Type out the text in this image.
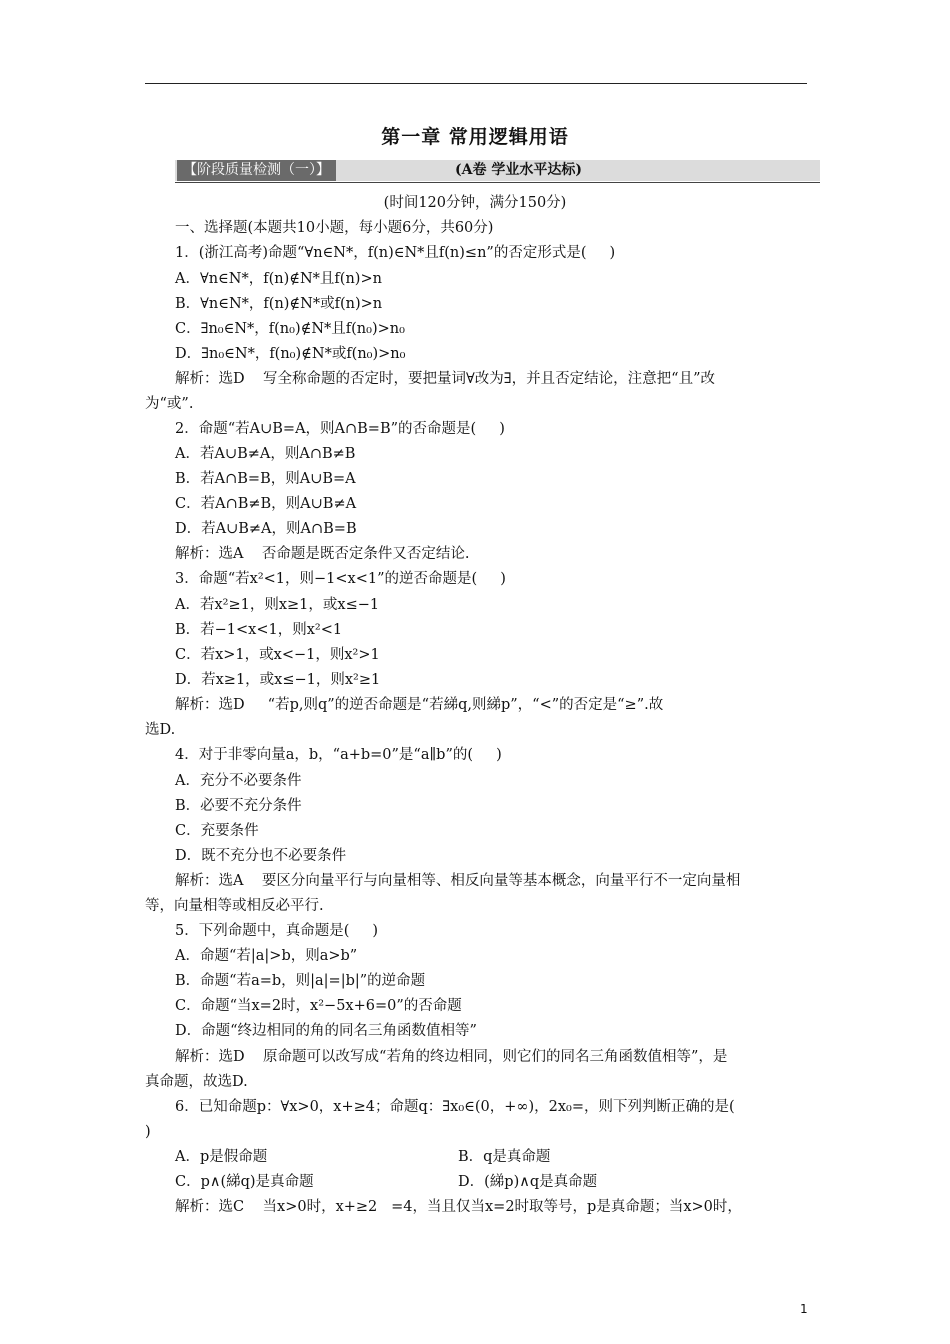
第一章 常用逻辑用语
【阶段质量检测（一）】	(A卷 学业水平达标)
(时间120分钟，满分150分)
一、选择题(本题共10小题，每小题6分，共60分)
1．(浙江高考)命题“∀n∈N*，f(n)∈N*且f(n)≤n”的否定形式是(     )
A．∀n∈N*，f(n)∉N*且f(n)>n
B．∀n∈N*，f(n)∉N*或f(n)>n
C．∃n₀∈N*，f(n₀)∉N*且f(n₀)>n₀
D．∃n₀∈N*，f(n₀)∉N*或f(n₀)>n₀
解析：选D    写全称命题的否定时，要把量词∀改为∃，并且否定结论，注意把“且”改
为“或”.
2．命题“若A∪B=A，则A∩B=B”的否命题是(     )
A．若A∪B≠A，则A∩B≠B
B．若A∩B=B，则A∪B=A
C．若A∩B≠B，则A∪B≠A
D．若A∪B≠A，则A∩B=B
解析：选A    否命题是既否定条件又否定结论.
3．命题“若x²<1，则−1<x<1”的逆否命题是(     )
A．若x²≥1，则x≥1，或x≤−1
B．若−1<x<1，则x²<1
C．若x>1，或x<−1，则x²>1
D．若x≥1，或x≤−1，则x²≥1
解析：选D     “若p,则q”的逆否命题是“若綈q,则綈p”，“<”的否定是“≥”.故
选D.
4．对于非零向量a，b，“a+b=0”是“a∥b”的(     )
A．充分不必要条件
B．必要不充分条件
C．充要条件
D．既不充分也不必要条件
解析：选A    要区分向量平行与向量相等、相反向量等基本概念，向量平行不一定向量相
等，向量相等或相反必平行.
5．下列命题中，真命题是(     )
A．命题“若|a|>b，则a>b”
B．命题“若a=b，则|a|=|b|”的逆命题
C．命题“当x=2时，x²−5x+6=0”的否命题
D．命题“终边相同的角的同名三角函数值相等”
解析：选D    原命题可以改写成“若角的终边相同，则它们的同名三角函数值相等”，是
真命题，故选D.
6．已知命题p：∀x>0，x+≥4；命题q：∃x₀∈(0，+∞)，2x₀=，则下列判断正确的是(
)
A．p是假命题	B．q是真命题
C．p∧(綈q)是真命题	D．(綈p)∧q是真命题
解析：选C    当x>0时，x+≥2   =4，当且仅当x=2时取等号，p是真命题；当x>0时，
1
